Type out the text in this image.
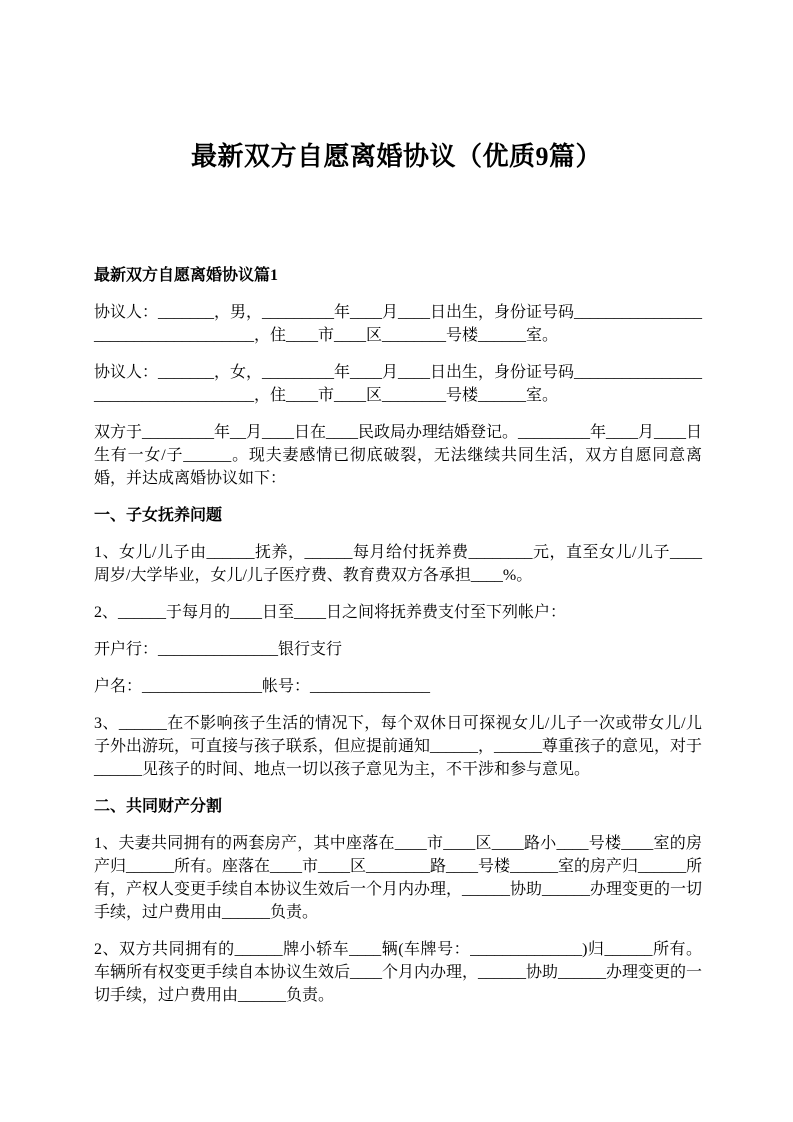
最新双方自愿离婚协议（优质9篇）
最新双方自愿离婚协议篇1

协议人：_______，男，_________年____月____日出生，身份证号码____________________________________，住____市____区________号楼______室。

协议人：_______，女，_________年____月____日出生，身份证号码____________________________________，住____市____区________号楼______室。

双方于_________年__月____日在____民政局办理结婚登记。_________年____月____日生有一女/子______。现夫妻感情已彻底破裂，无法继续共同生活，双方自愿同意离婚，并达成离婚协议如下：

一、子女抚养问题

1、女儿/儿子由______抚养，______每月给付抚养费________元，直至女儿/儿子____周岁/大学毕业，女儿/儿子医疗费、教育费双方各承担____%。

2、______于每月的____日至____日之间将抚养费支付至下列帐户：

开户行：_______________银行支行

户名：_______________帐号：_______________

3、______在不影响孩子生活的情况下，每个双休日可探视女儿/儿子一次或带女儿/儿子外出游玩，可直接与孩子联系，但应提前通知______，______尊重孩子的意见，对于______见孩子的时间、地点一切以孩子意见为主，不干涉和参与意见。

二、共同财产分割

1、夫妻共同拥有的两套房产，其中座落在____市____区____路小____号楼____室的房产归______所有。座落在____市____区________路____号楼______室的房产归______所有，产权人变更手续自本协议生效后一个月内办理，______协助______办理变更的一切手续，过户费用由______负责。

2、双方共同拥有的______牌小轿车____辆(车牌号：______________)归______所有。车辆所有权变更手续自本协议生效后____个月内办理，______协助______办理变更的一切手续，过户费用由______负责。
